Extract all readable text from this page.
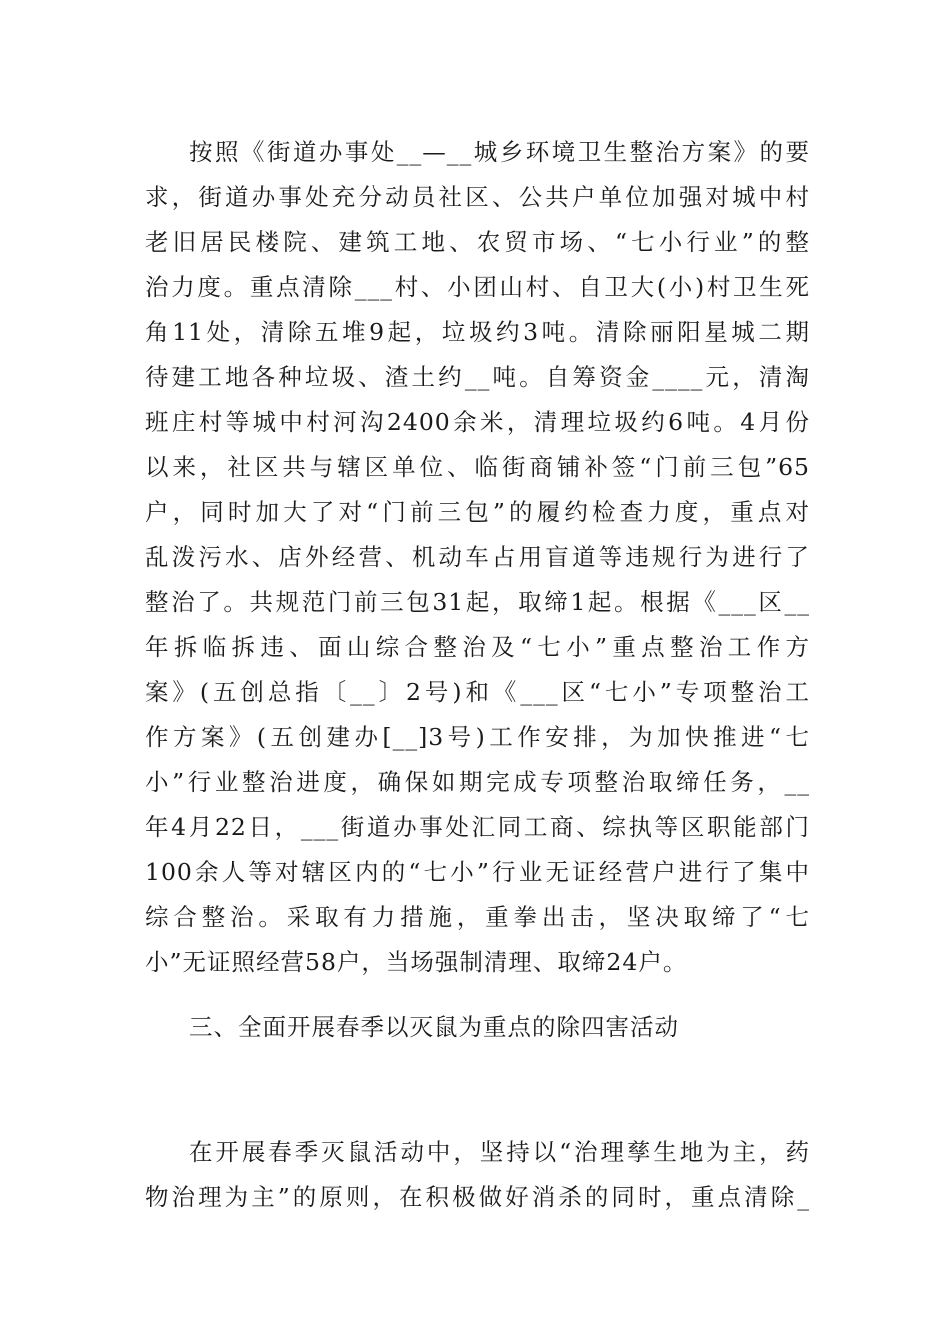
按照《街道办事处__—__城乡环境卫生整治方案》的要
求，街道办事处充分动员社区、公共户单位加强对城中村
老旧居民楼院、建筑工地、农贸市场、“七小行业”的整
治力度。重点清除___村、小团山村、自卫大(小)村卫生死
角11处，清除五堆9起，垃圾约3吨。清除丽阳星城二期
待建工地各种垃圾、渣土约__吨。自筹资金____元，清淘
班庄村等城中村河沟2400余米，清理垃圾约6吨。4月份
以来，社区共与辖区单位、临街商铺补签“门前三包”65
户，同时加大了对“门前三包”的履约检查力度，重点对
乱泼污水、店外经营、机动车占用盲道等违规行为进行了
整治了。共规范门前三包31起，取缔1起。根据《___区__
年拆临拆违、面山综合整治及“七小”重点整治工作方
案》(五创总指〔__〕2号)和《___区“七小”专项整治工
作方案》(五创建办[__]3号)工作安排，为加快推进“七
小”行业整治进度，确保如期完成专项整治取缔任务，__
年4月22日，___街道办事处汇同工商、综执等区职能部门
100余人等对辖区内的“七小”行业无证经营户进行了集中
综合整治。采取有力措施，重拳出击，坚决取缔了“七
小”无证照经营58户，当场强制清理、取缔24户。
三、全面开展春季以灭鼠为重点的除四害活动
在开展春季灭鼠活动中，坚持以“治理孳生地为主，药
物治理为主”的原则，在积极做好消杀的同时，重点清除_
